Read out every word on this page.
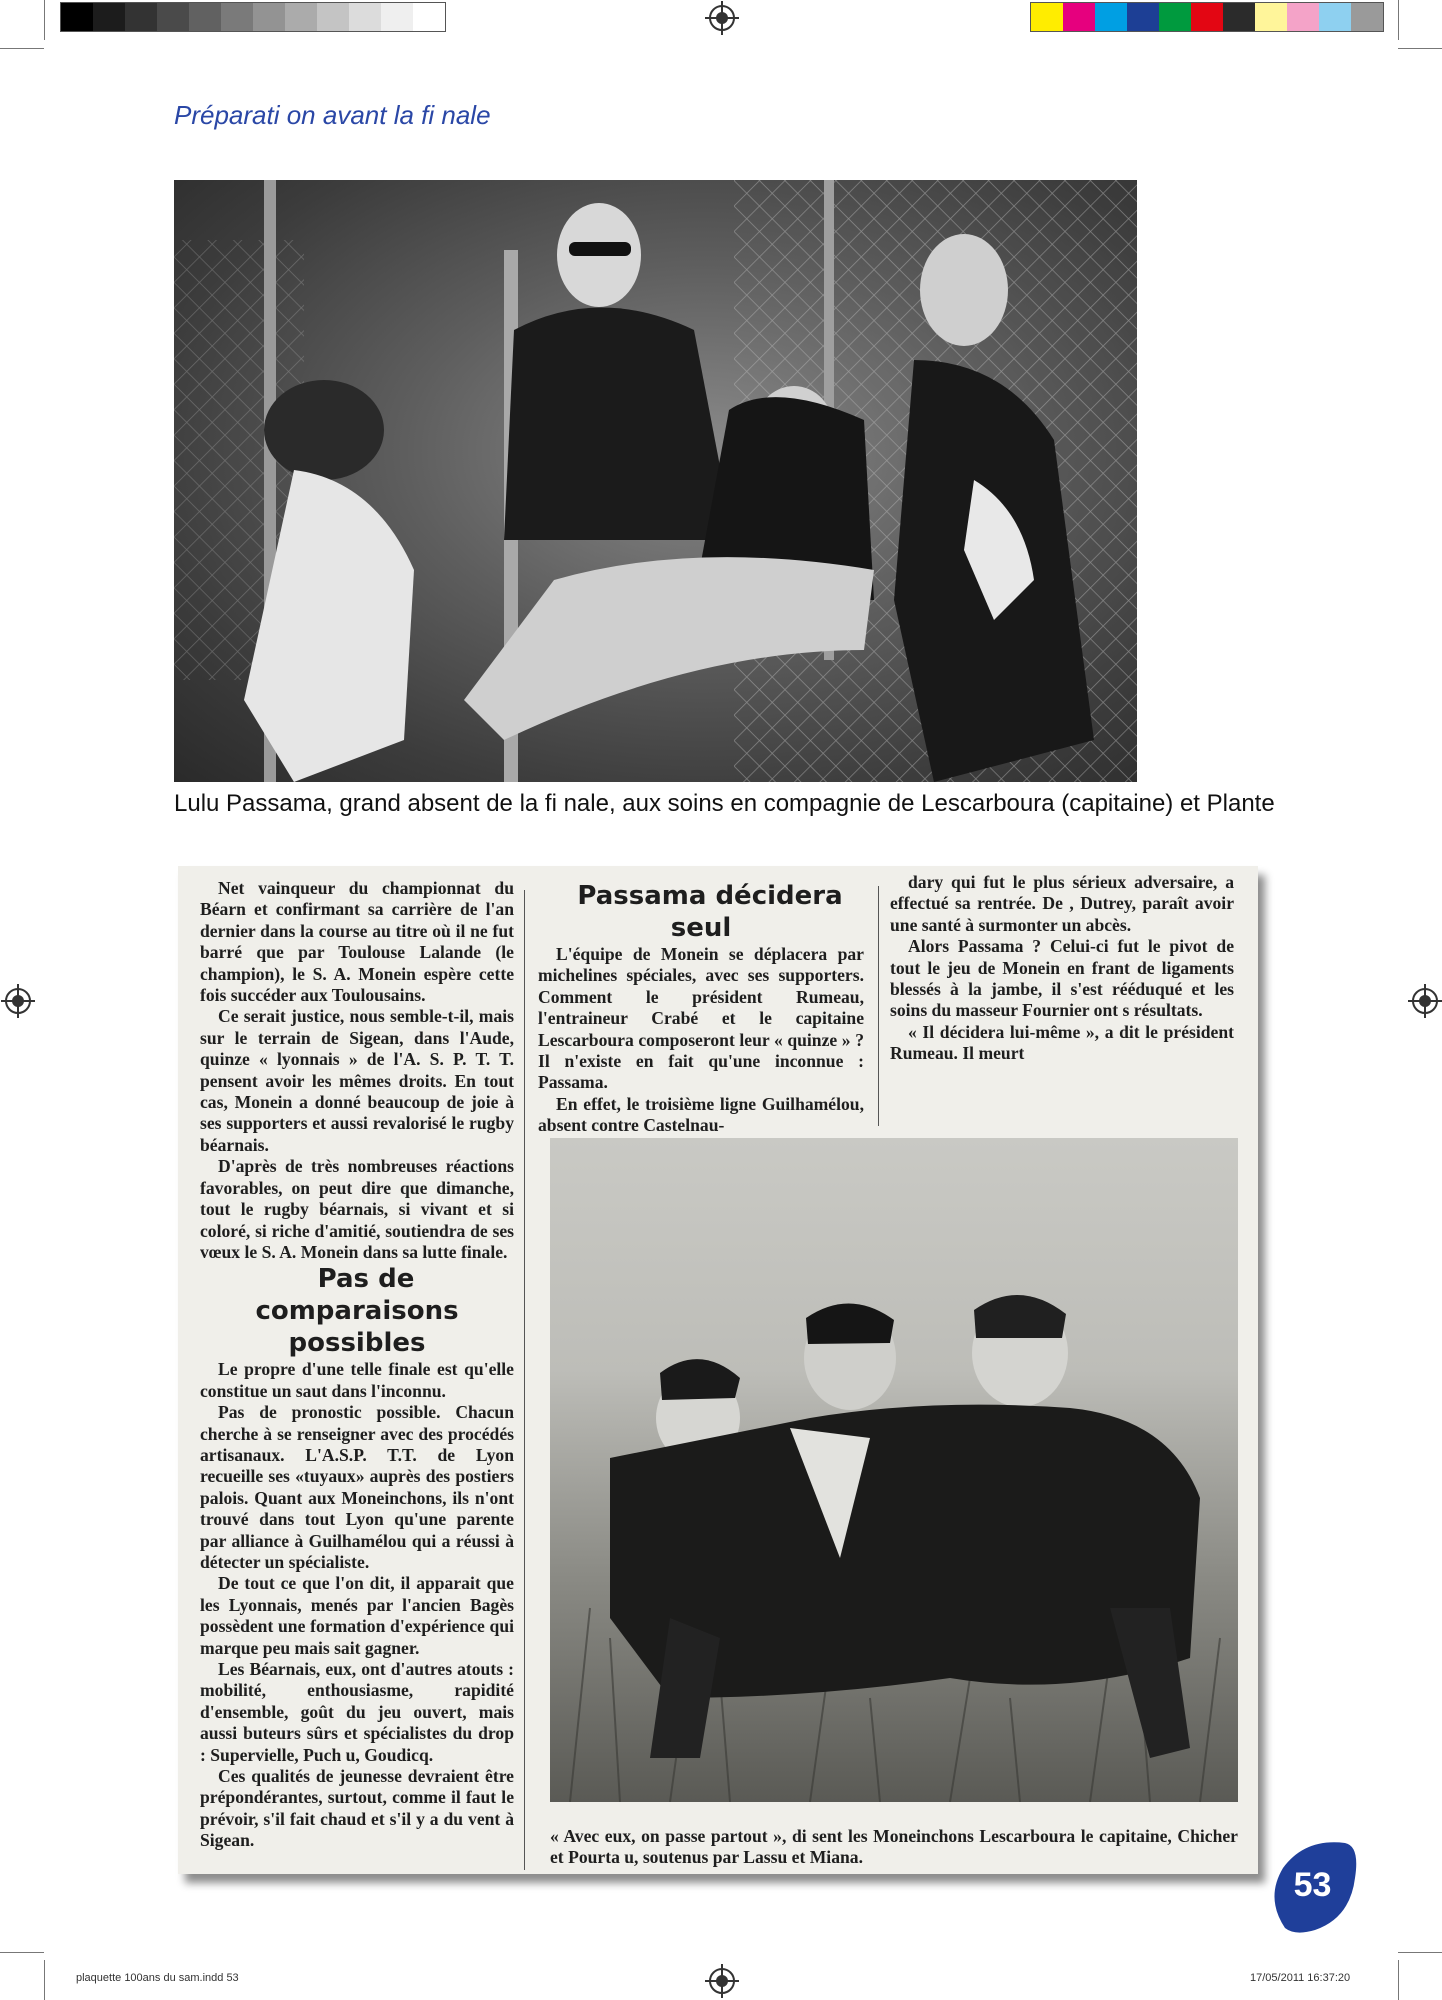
Préparati on avant la fi nale
Lulu Passama, grand absent de la fi nale, aux soins en compagnie de Lescarboura (capitaine) et Plante

Net vainqueur du championnat du Béarn et confirmant sa carrière de l'an dernier dans la course au titre où il ne fut barré que par Toulouse Lalande (le champion), le S. A. Monein espère cette fois succéder aux Toulousains.

Ce serait justice, nous semble-t-il, mais sur le terrain de Sigean, dans l'Aude, quinze « lyonnais » de l'A. S. P. T. T. pensent avoir les mêmes droits. En tout cas, Monein a donné beaucoup de joie à ses supporters et aussi revalorisé le rugby béarnais.

D'après de très nombreuses réactions favorables, on peut dire que dimanche, tout le rugby béarnais, si vivant et si coloré, si riche d'amitié, soutiendra de ses vœux le S. A. Monein dans sa lutte finale.

Pas de comparaisons possibles

Le propre d'une telle finale est qu'elle constitue un saut dans l'inconnu.

Pas de pronostic possible. Chacun cherche à se renseigner avec des procédés artisanaux. L'A.S.P. T.T. de Lyon recueille ses «tuyaux» auprès des postiers palois. Quant aux Moneinchons, ils n'ont trouvé dans tout Lyon qu'une parente par alliance à Guilhamélou qui a réussi à détecter un spécialiste.

De tout ce que l'on dit, il apparait que les Lyonnais, menés par l'ancien Bagès possèdent une formation d'expérience qui marque peu mais sait gagner.

Les Béarnais, eux, ont d'autres atouts : mobilité, enthousiasme, rapidité d'ensemble, goût du jeu ouvert, mais aussi buteurs sûrs et spécialistes du drop : Supervielle, Puch u, Goudicq.

Ces qualités de jeunesse devraient être prépondérantes, surtout, comme il faut le prévoir, s'il fait chaud et s'il y a du vent à Sigean.

Passama décidera seul

L'équipe de Monein se déplacera par michelines spéciales, avec ses supporters. Comment le président Rumeau, l'entraineur Crabé et le capitaine Lescarboura composeront leur « quinze » ? Il n'existe en fait qu'une inconnue : Passama.

En effet, le troisième ligne Guilhamélou, absent contre Castelnau-

dary qui fut le plus sérieux adversaire, a effectué sa rentrée. De , Dutrey, paraît avoir une santé à surmonter un abcès.

Alors Passama ? Celui-ci fut le pivot de tout le jeu de Monein en frant de ligaments blessés à la jambe, il s'est rééduqué et les soins du masseur Fournier ont s résultats.

« Il décidera lui-même », a dit le président Rumeau. Il meurt

« Avec eux, on passe partout », di sent les Moneinchons Lescarboura le capitaine, Chicher et Pourta u, soutenus par Lassu et Miana.
53
plaquette 100ans du sam.indd 53	17/05/2011 16:37:20
